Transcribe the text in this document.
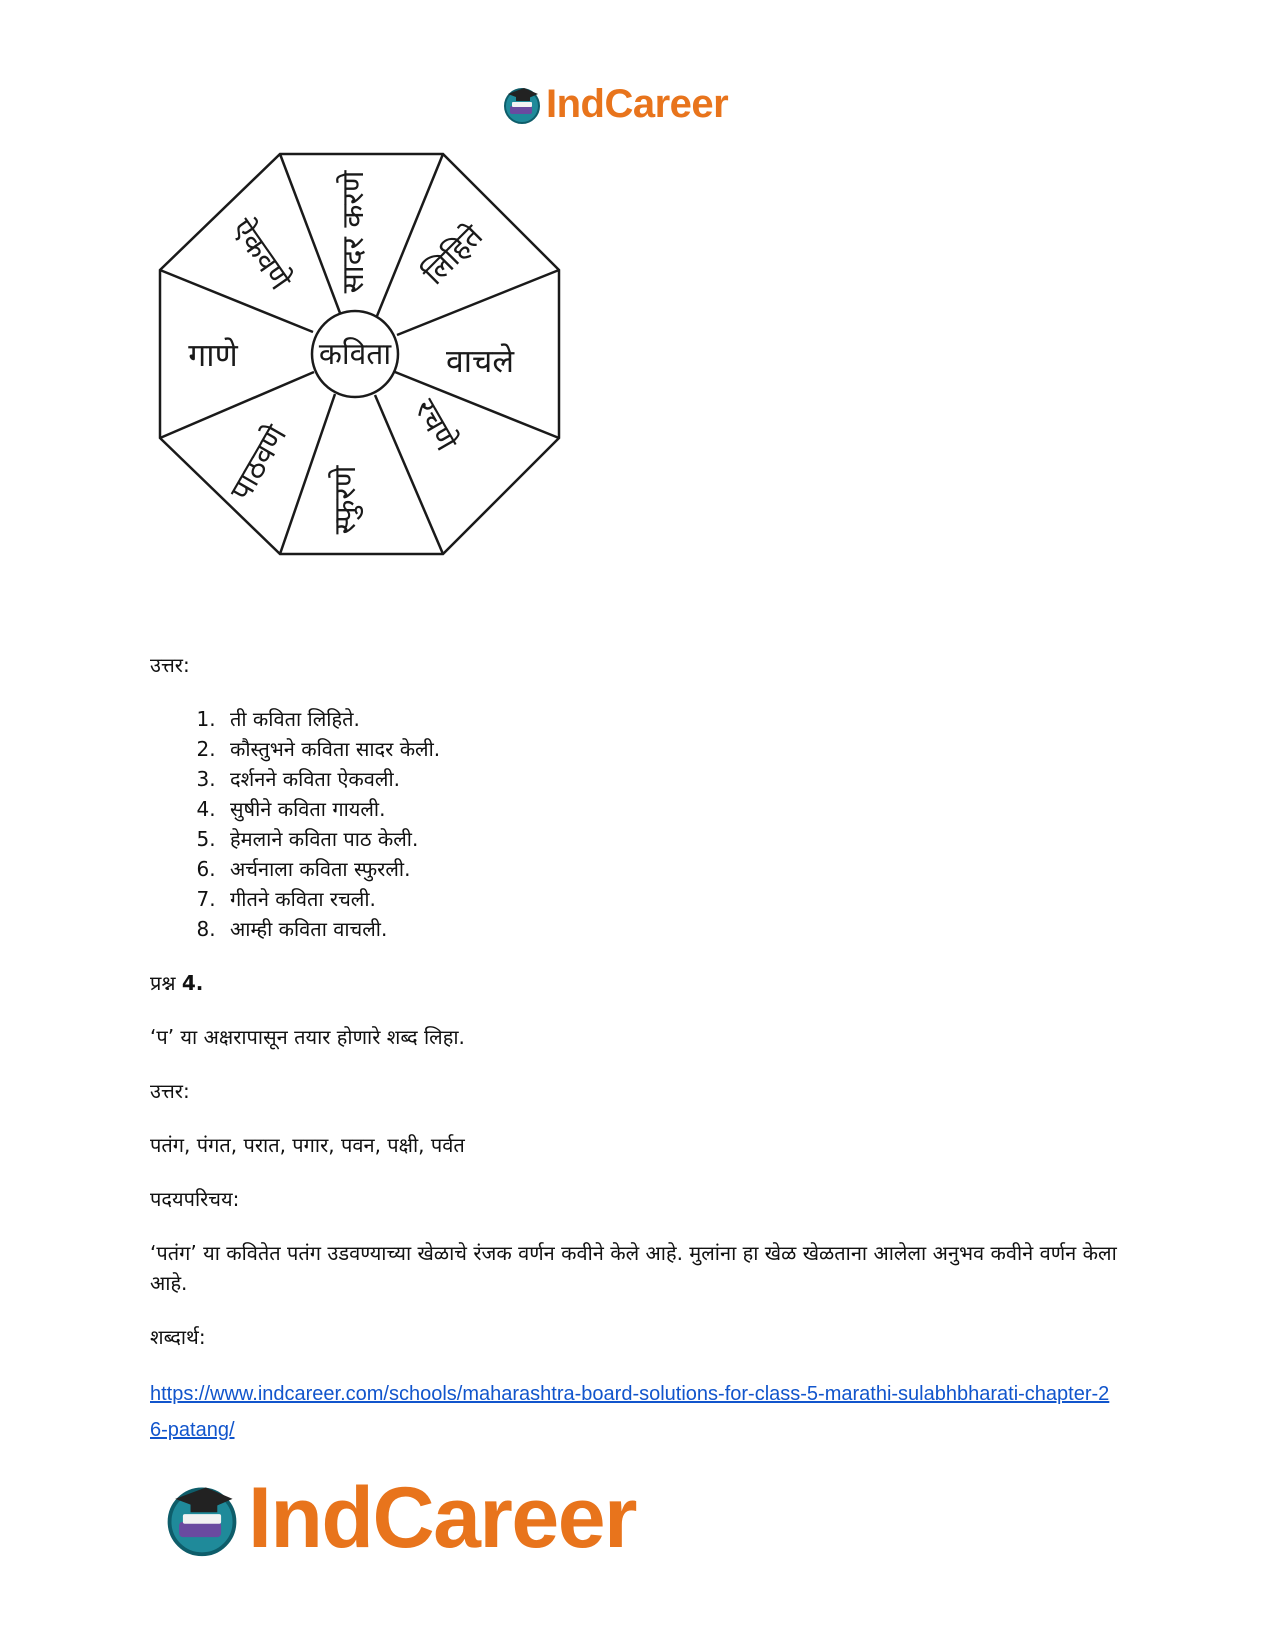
IndCareer
कविता
सादर करणे लिहिते
वाचले
रचणे
स्फुरणे
पाठवणे
गाणे
ऐकवणे

उत्तर:

1. ती कविता लिहिते.
2. कौस्तुभने कविता सादर केली.
3. दर्शनने कविता ऐकवली.
4. सुषीने कविता गायली.
5. हेमलाने कविता पाठ केली.
6. अर्चनाला कविता स्फुरली.
7. गीतने कविता रचली.
8. आम्ही कविता वाचली.

प्रश्न 4.

‘प’ या अक्षरापासून तयार होणारे शब्द लिहा.

उत्तर:

पतंग, पंगत, परात, पगार, पवन, पक्षी, पर्वत

पदयपरिचय:

‘पतंग’ या कवितेत पतंग उडवण्याच्या खेळाचे रंजक वर्णन कवीने केले आहे. मुलांना हा खेळ खेळताना आलेला अनुभव कवीने वर्णन केला आहे.

शब्दार्थ:

https://www.indcareer.com/schools/maharashtra-board-solutions-for-class-5-marathi-sulabhbharati-chapter-26-patang/
IndCareer
